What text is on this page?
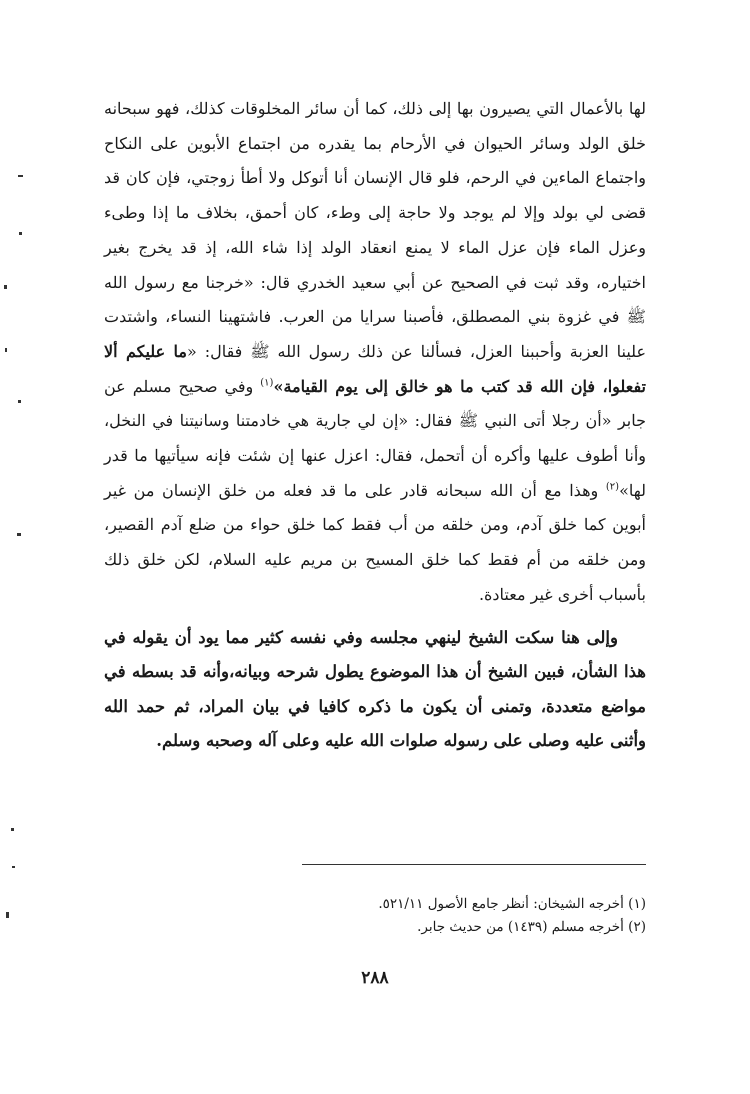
لها بالأعمال التي يصيرون بها إلى ذلك، كما أن سائر المخلوقات كذلك، فهو سبحانه خلق الولد وسائر الحيوان في الأرحام بما يقدره من اجتماع الأبوين على النكاح واجتماع الماءين في الرحم، فلو قال الإنسان أنا أتوكل ولا أطأ زوجتي، فإن كان قد قضى لي بولد وإلا لم يوجد ولا حاجة إلى وطء، كان أحمق، بخلاف ما إذا وطىء وعزل الماء فإن عزل الماء لا يمنع انعقاد الولد إذا شاء الله، إذ قد يخرج بغير اختياره، وقد ثبت في الصحيح عن أبي سعيد الخدري قال: «خرجنا مع رسول الله ﷺ في غزوة بني المصطلق، فأصبنا سرايا من العرب. فاشتهينا النساء، واشتدت علينا العزبة وأحببنا العزل، فسألنا عن ذلك رسول الله ﷺ فقال: «ما عليكم ألا تفعلوا، فإن الله قد كتب ما هو خالق إلى يوم القيامة»$^{(١)}$ وفي صحيح مسلم عن جابر «أن رجلا أتى النبي ﷺ فقال: «إن لي جارية هي خادمتنا وسانيتنا في النخل، وأنا أطوف عليها وأكره أن أتحمل، فقال: اعزل عنها إن شئت فإنه سيأتيها ما قدر لها»$^{(٢)}$ وهذا مع أن الله سبحانه قادر على ما قد فعله من خلق الإنسان من غير أبوين كما خلق آدم، ومن خلقه من أب فقط كما خلق حواء من ضلع آدم القصير، ومن خلقه من أم فقط كما خلق المسيح بن مريم عليه السلام، لكن خلق ذلك بأسباب أخرى غير معتادة.

وإلى هنا سكت الشيخ لينهي مجلسه وفي نفسه كثير مما يود أن يقوله في هذا الشأن، فبين الشيخ أن هذا الموضوع يطول شرحه وبيانه،وأنه قد بسطه في مواضع متعددة، وتمنى أن يكون ما ذكره كافيا في بيان المراد، ثم حمد الله وأثنى عليه وصلى على رسوله صلوات الله عليه وعلى آله وصحبه وسلم.

(١) أخرجه الشيخان: أنظر جامع الأصول ٥٢١/١١.

(٢) أخرجه مسلم (١٤٣٩) من حديث جابر.

٢٨٨
